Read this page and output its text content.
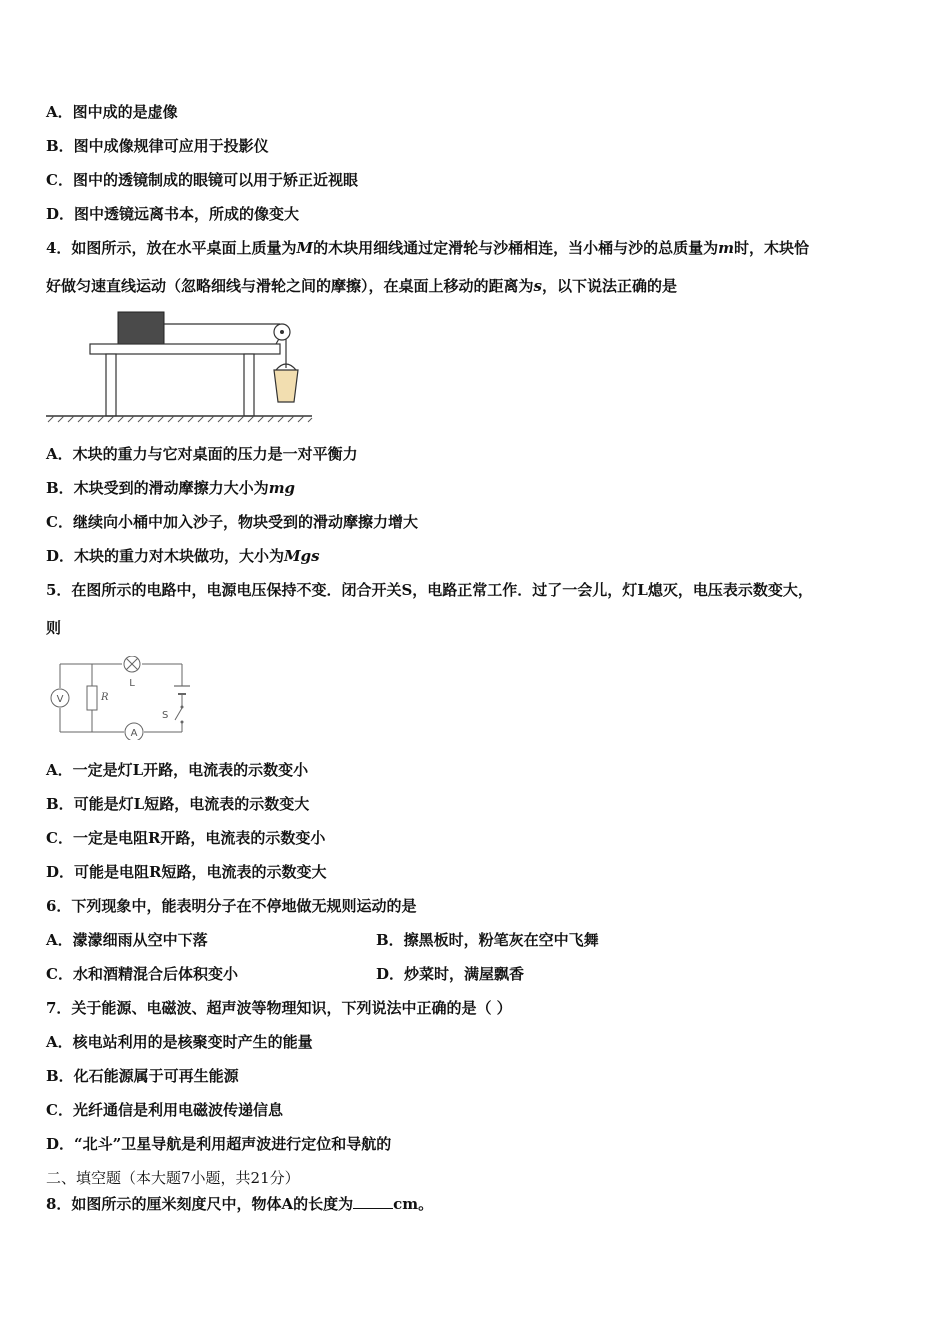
A．图中成的是虚像
B．图中成像规律可应用于投影仪
C．图中的透镜制成的眼镜可以用于矫正近视眼
D．图中透镜远离书本，所成的像变大
4．如图所示，放在水平桌面上质量为M的木块用细线通过定滑轮与沙桶相连，当小桶与沙的总质量为m时，木块恰
好做匀速直线运动（忽略细线与滑轮之间的摩擦），在桌面上移动的距离为s，以下说法正确的是
A．木块的重力与它对桌面的压力是一对平衡力
B．木块受到的滑动摩擦力大小为mg
C．继续向小桶中加入沙子，物块受到的滑动摩擦力增大
D．木块的重力对木块做功，大小为Mgs
5．在图所示的电路中，电源电压保持不变．闭合开关S，电路正常工作．过了一会儿，灯L熄灭，电压表示数变大，
则
V	R
L
S
A
A．一定是灯L开路，电流表的示数变小
B．可能是灯L短路，电流表的示数变大
C．一定是电阻R开路，电流表的示数变小
D．可能是电阻R短路，电流表的示数变大
6．下列现象中，能表明分子在不停地做无规则运动的是
A．濛濛细雨从空中下落	B．擦黑板时，粉笔灰在空中飞舞
C．水和酒精混合后体积变小	D．炒菜时，满屋飘香
7．关于能源、电磁波、超声波等物理知识，下列说法中正确的是（ ）
A．核电站利用的是核聚变时产生的能量
B．化石能源属于可再生能源
C．光纤通信是利用电磁波传递信息
D．“北斗”卫星导航是利用超声波进行定位和导航的
二、填空题（本大题7小题，共21分）
8．如图所示的厘米刻度尺中，物体A的长度为	cm。
